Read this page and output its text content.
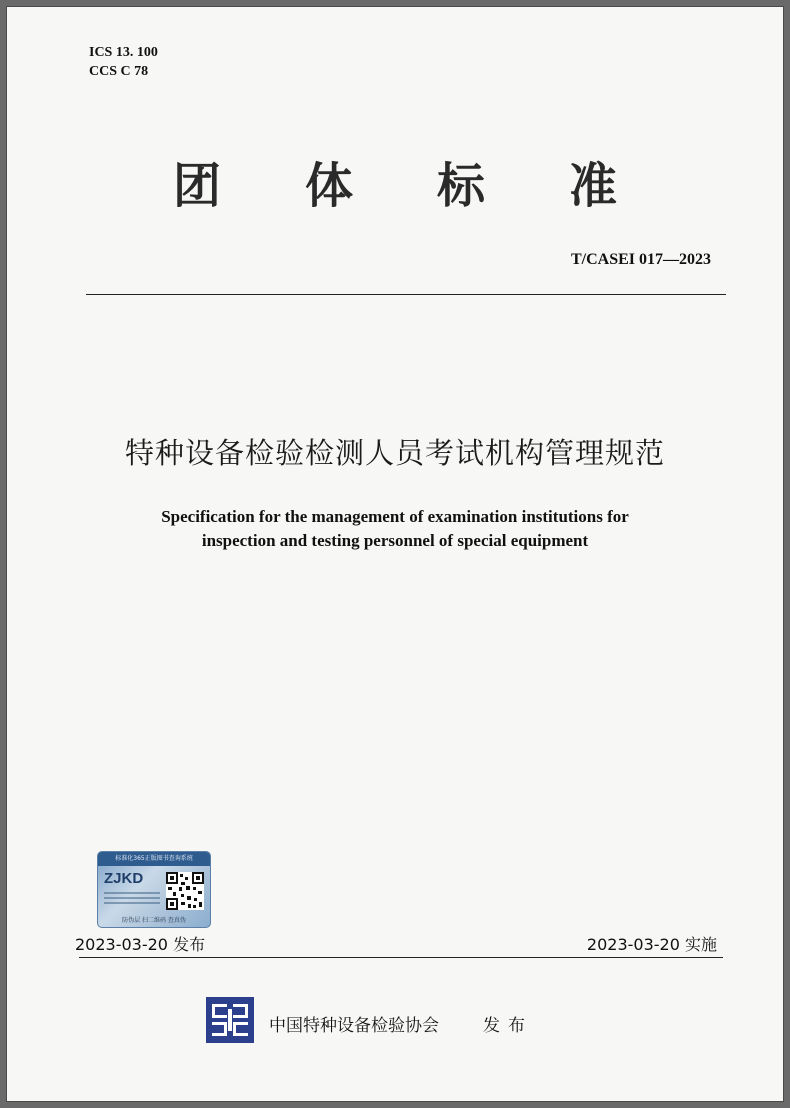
ICS 13. 100
CCS C 78
团体标准
T/CASEI 017—2023
特种设备检验检测人员考试机构管理规范
Specification for the management of examination institutions for
inspection and testing personnel of special equipment
标准化365正版图书查询系统
ZJKD
防伪层 扫二维码 查真伪
2023-03-20 发布	2023-03-20 实施
中国特种设备检验协会	发布
